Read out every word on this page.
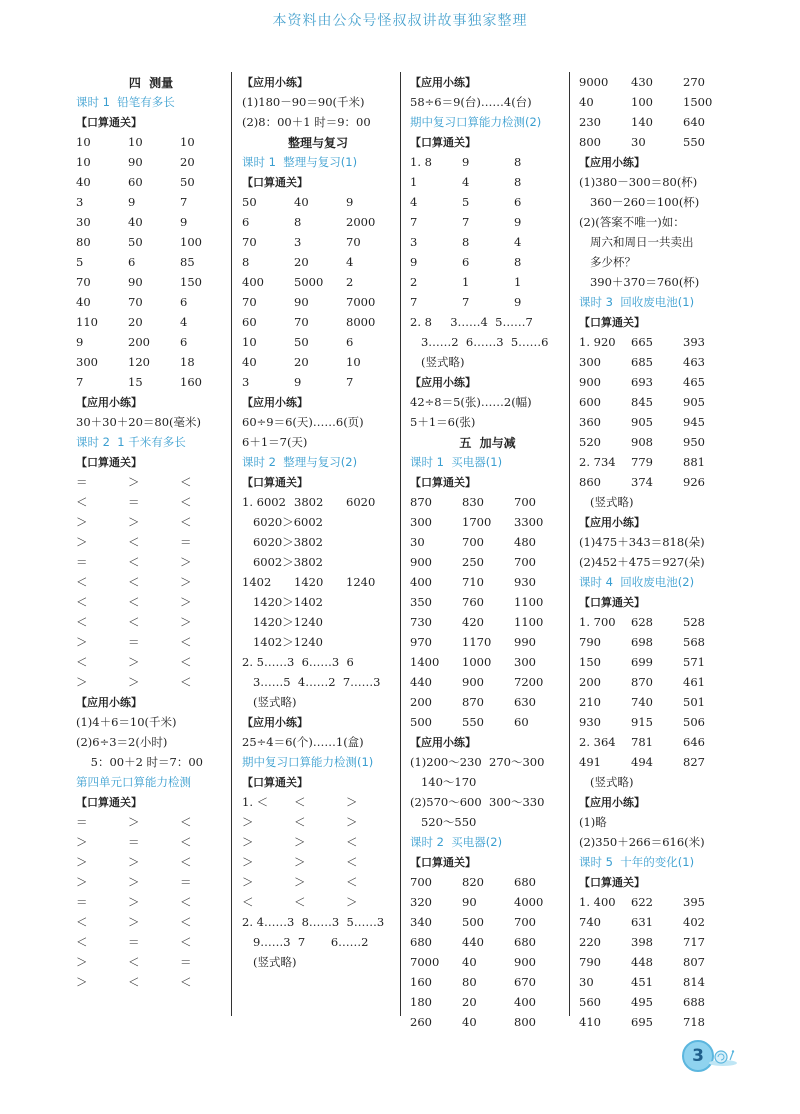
本资料由公众号怪叔叔讲故事独家整理
四  测量
课时 1  铅笔有多长
【口算通关】
10	10	10
10	90	20
40	60	50
3	9	7
30	40	9
80	50	100
5	6	85
70	90	150
40	70	6
110	20	4
9	200	6
300	120	18
7	15	160
【应用小练】
30＋30＋20＝80(毫米)
课时 2  1 千米有多长
【口算通关】
＝	＞	＜
＜	＝	＜
＞	＞	＜
＞	＜	＝
＝	＜	＞
＜	＜	＞
＜	＜	＞
＜	＜	＞
＞	＝	＜
＜	＞	＜
＞	＞	＜
【应用小练】
(1)4＋6＝10(千米)
(2)6÷3＝2(小时)
5：00＋2 时＝7：00
第四单元口算能力检测
【口算通关】
＝	＞	＜
＞	＝	＜
＞	＞	＜
＞	＞	＝
＝	＞	＜
＜	＞	＜
＜	＝	＜
＞	＜	＝
＞	＜	＜
【应用小练】
(1)180－90＝90(千米)
(2)8：00＋1 时＝9：00
整理与复习
课时 1  整理与复习(1)
【口算通关】
50	40	9
6	8	2000
70	3	70
8	20	4
400	5000	2
70	90	7000
60	70	8000
10	50	6
40	20	10
3	9	7
【应用小练】
60÷9＝6(天)……6(页)
6＋1＝7(天)
课时 2  整理与复习(2)
【口算通关】
1. 6002 3802	6020
6020＞6002
6020＞3802
6002＞3802
1402	1420	1240
1420＞1402
1420＞1240
1402＞1240
2. 5……3  6……3  6
3……5  4……2  7……3
(竖式略)
【应用小练】
25÷4＝6(个)……1(盒)
期中复习口算能力检测(1)
【口算通关】
1. ＜	＜	＞
＞	＜	＞
＞	＞	＜
＞	＞	＜
＞	＞	＜
＜	＜	＞
2. 4……3  8……3  5……3
9……3  7       6……2
(竖式略)
【应用小练】
58÷6＝9(台)……4(台)
期中复习口算能力检测(2)
【口算通关】
1. 8	9	8
1	4	8
4	5	6
7	7	9
3	8	4
9	6	8
2	1	1
7	7	9
2. 8     3……4  5……7
3……2  6……3  5……6
(竖式略)
【应用小练】
42÷8＝5(张)……2(幅)
5＋1＝6(张)
五  加与减
课时 1  买电器(1)
【口算通关】
870	830	700
300	1700	3300
30	700	480
900	250	700
400	710	930
350	760	1100
730	420	1100
970	1170	990
1400	1000	300
440	900	7200
200	870	630
500	550	60
【应用小练】
(1)200～230  270～300
140～170
(2)570～600  300～330
520～550
课时 2  买电器(2)
【口算通关】
700	820	680
320	90	4000
340	500	700
680	440	680
7000	40	900
160	80	670
180	20	400
260	40	800
9000	430	270
40	100	1500
230	140	640
800	30	550
【应用小练】
(1)380－300＝80(杯)
360－260＝100(杯)
(2)(答案不唯一)如：
周六和周日一共卖出
多少杯？
390＋370＝760(杯)
课时 3  回收废电池(1)
【口算通关】
1. 920	665	393
300	685	463
900	693	465
600	845	905
360	905	945
520	908	950
2. 734	779	881
860	374	926
(竖式略)
【应用小练】
(1)475＋343＝818(朵)
(2)452＋475＝927(朵)
课时 4  回收废电池(2)
【口算通关】
1. 700	628	528
790	698	568
150	699	571
200	870	461
210	740	501
930	915	506
2. 364	781	646
491	494	827
(竖式略)
【应用小练】
(1)略
(2)350＋266＝616(米)
课时 5  十年的变化(1)
【口算通关】
1. 400	622	395
740	631	402
220	398	717
790	448	807
30	451	814
560	495	688
410	695	718
3
